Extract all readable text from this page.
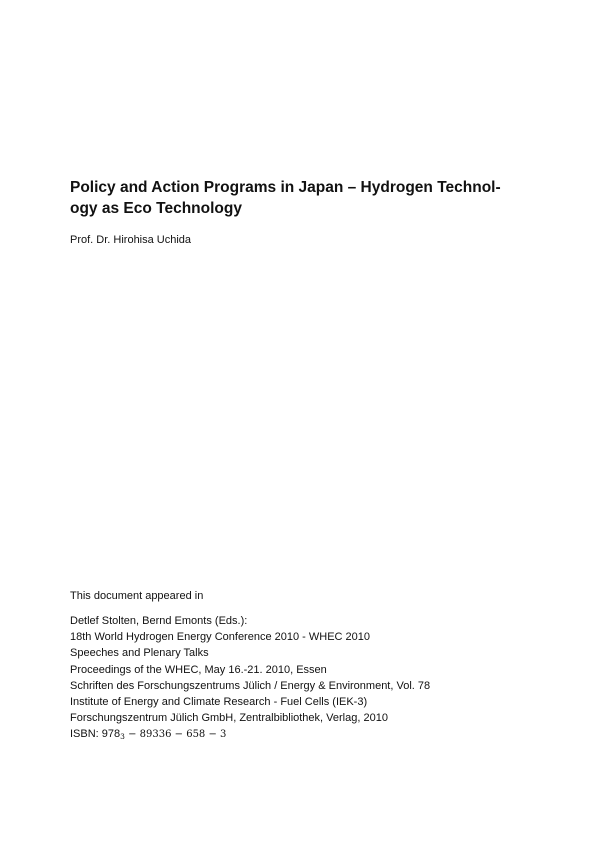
Policy and Action Programs in Japan – Hydrogen Technol-
ogy as Eco Technology
Prof. Dr. Hirohisa Uchida
This document appeared in
Detlef Stolten, Bernd Emonts (Eds.):
18th World Hydrogen Energy Conference 2010 - WHEC 2010
Speeches and Plenary Talks
Proceedings of the WHEC, May 16.-21. 2010, Essen
Schriften des Forschungszentrums Jülich / Energy & Environment, Vol. 78
Institute of Energy and Climate Research - Fuel Cells (IEK-3)
Forschungszentrum Jülich GmbH, Zentralbibliothek, Verlag, 2010
ISBN: $978_3 - 89336 - 658 - 3$
